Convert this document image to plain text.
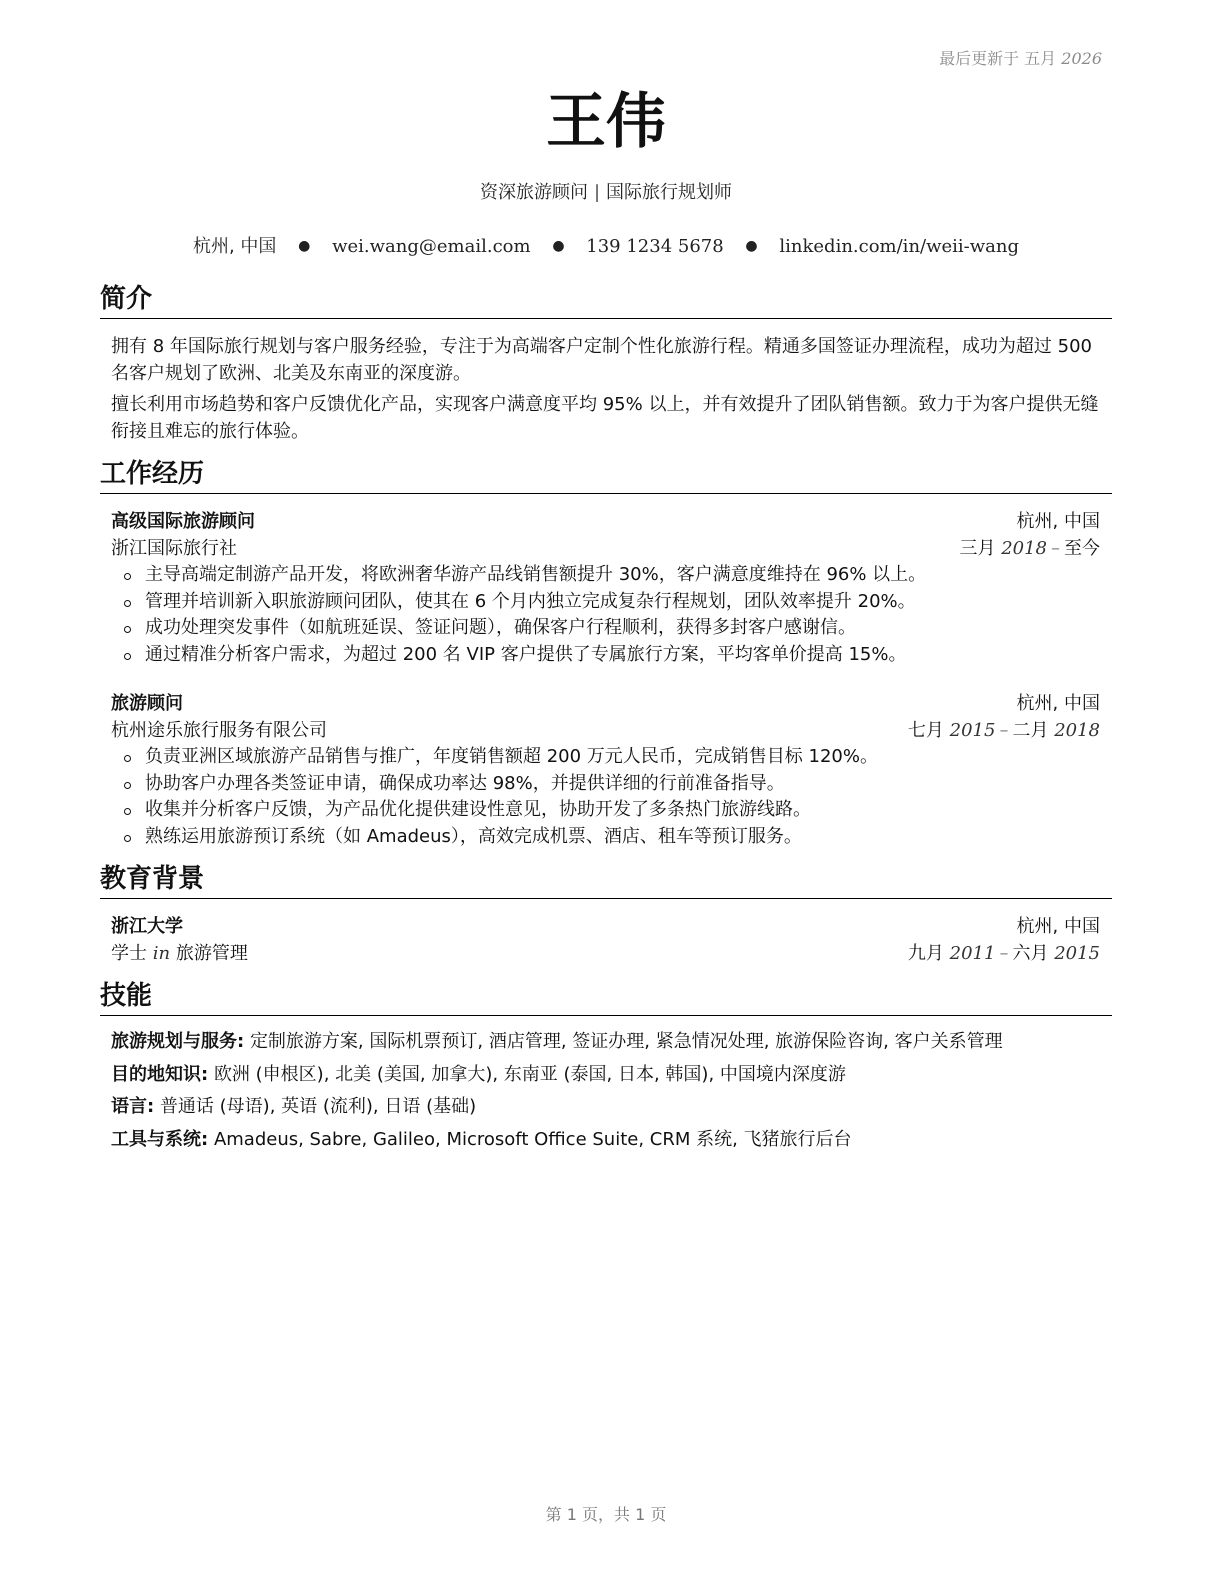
最后更新于 五月 2026
王伟
资深旅游顾问 | 国际旅行规划师
杭州, 中国 ● wei.wang@email.com ● 139 1234 5678 ● linkedin.com/in/weii-wang
简介

拥有 8 年国际旅行规划与客户服务经验，专注于为高端客户定制个性化旅游行程。精通多国签证办理流程，成功为超过 500 名客户规划了欧洲、北美及东南亚的深度游。

擅长利用市场趋势和客户反馈优化产品，实现客户满意度平均 95% 以上，并有效提升了团队销售额。致力于为客户提供无缝衔接且难忘的旅行体验。

工作经历
高级国际旅游顾问	杭州, 中国
浙江国际旅行社	三月 2018 – 至今
主导高端定制游产品开发，将欧洲奢华游产品线销售额提升 30%，客户满意度维持在 96% 以上。
管理并培训新入职旅游顾问团队，使其在 6 个月内独立完成复杂行程规划，团队效率提升 20%。
成功处理突发事件（如航班延误、签证问题），确保客户行程顺利，获得多封客户感谢信。
通过精准分析客户需求，为超过 200 名 VIP 客户提供了专属旅行方案，平均客单价提高 15%。
旅游顾问	杭州, 中国
杭州途乐旅行服务有限公司	七月 2015 – 二月 2018
负责亚洲区域旅游产品销售与推广，年度销售额超 200 万元人民币，完成销售目标 120%。
协助客户办理各类签证申请，确保成功率达 98%，并提供详细的行前准备指导。
收集并分析客户反馈，为产品优化提供建设性意见，协助开发了多条热门旅游线路。
熟练运用旅游预订系统（如 Amadeus），高效完成机票、酒店、租车等预订服务。
教育背景
浙江大学	杭州, 中国
学士 in 旅游管理	九月 2011 – 六月 2015
技能
旅游规划与服务: 定制旅游方案, 国际机票预订, 酒店管理, 签证办理, 紧急情况处理, 旅游保险咨询, 客户关系管理
目的地知识: 欧洲 (申根区), 北美 (美国, 加拿大), 东南亚 (泰国, 日本, 韩国), 中国境内深度游
语言: 普通话 (母语), 英语 (流利), 日语 (基础)
工具与系统: Amadeus, Sabre, Galileo, Microsoft Office Suite, CRM 系统, 飞猪旅行后台
第 1 页，共 1 页
